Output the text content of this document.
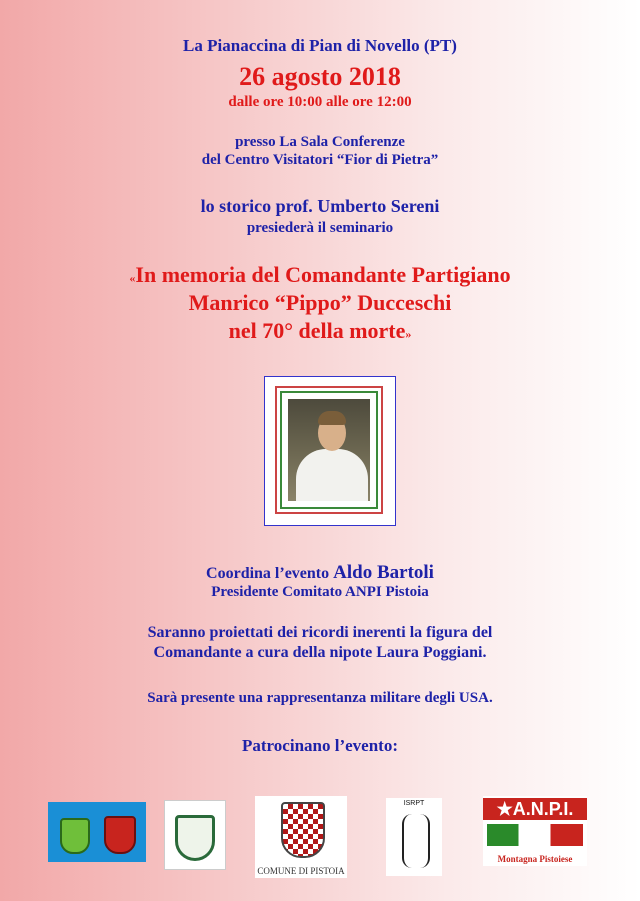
La Pianaccina di Pian di Novello (PT)
26 agosto 2018
dalle ore 10:00 alle ore 12:00
presso La Sala Conferenze
del Centro Visitatori “Fior di Pietra”
lo storico prof. Umberto Sereni
presiederà il seminario
«In memoria del Comandante Partigiano
Manrico “Pippo” Ducceschi
nel 70° della morte»
Coordina l’evento Aldo Bartoli
Presidente Comitato ANPI Pistoia
Saranno proiettati dei ricordi inerenti la figura del
Comandante a cura della nipote Laura Poggiani.
Sarà presente una rappresentanza militare degli USA.
Patrocinano l’evento:
COMUNE DI PISTOIA
ISRPT	★A.N.P.I.
Montagna Pistoiese
